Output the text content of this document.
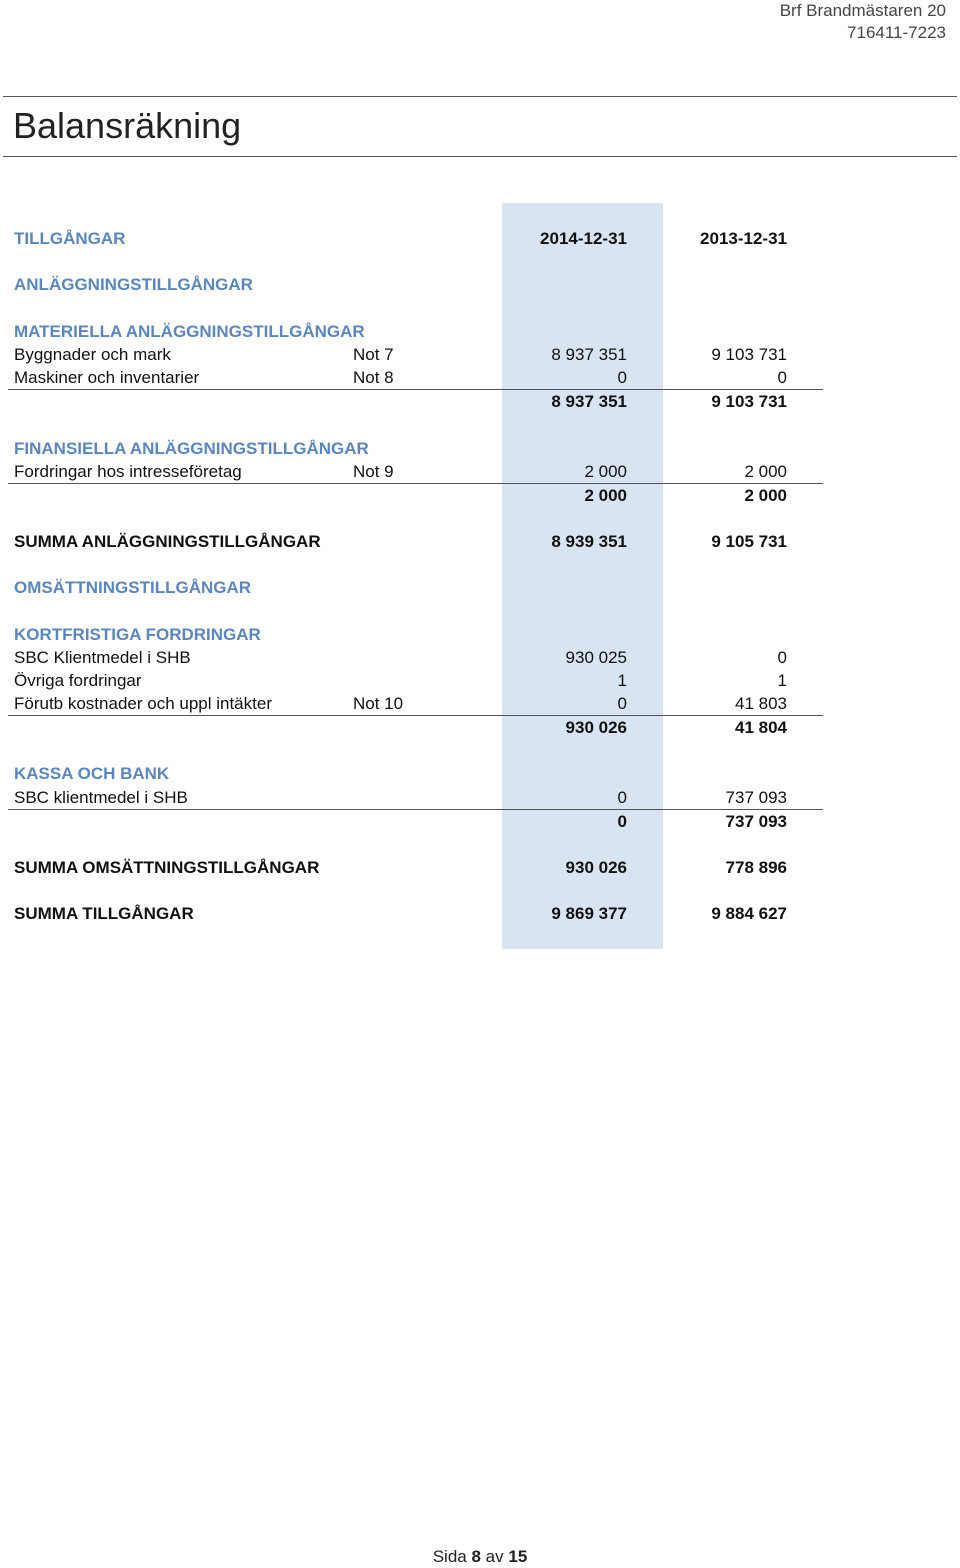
Brf Brandmästaren 20
716411-7223
Balansräkning
TILLGÅNGAR	2014-12-31	2013-12-31
ANLÄGGNINGSTILLGÅNGAR
MATERIELLA ANLÄGGNINGSTILLGÅNGAR
Byggnader och mark	Not 7	8 937 351	9 103 731
Maskiner och inventarier	Not 8	0	0
8 937 351	9 103 731
FINANSIELLA ANLÄGGNINGSTILLGÅNGAR
Fordringar hos intresseföretag	Not 9	2 000	2 000
2 000	2 000
SUMMA ANLÄGGNINGSTILLGÅNGAR	8 939 351	9 105 731
OMSÄTTNINGSTILLGÅNGAR
KORTFRISTIGA FORDRINGAR
SBC Klientmedel i SHB	930 025	0
Övriga fordringar	1	1
Förutb kostnader och uppl intäkter	Not 10	0	41 803
930 026	41 804
KASSA OCH BANK
SBC klientmedel i SHB	0	737 093
0	737 093
SUMMA OMSÄTTNINGSTILLGÅNGAR	930 026	778 896
SUMMA TILLGÅNGAR	9 869 377	9 884 627
Sida 8 av 15
